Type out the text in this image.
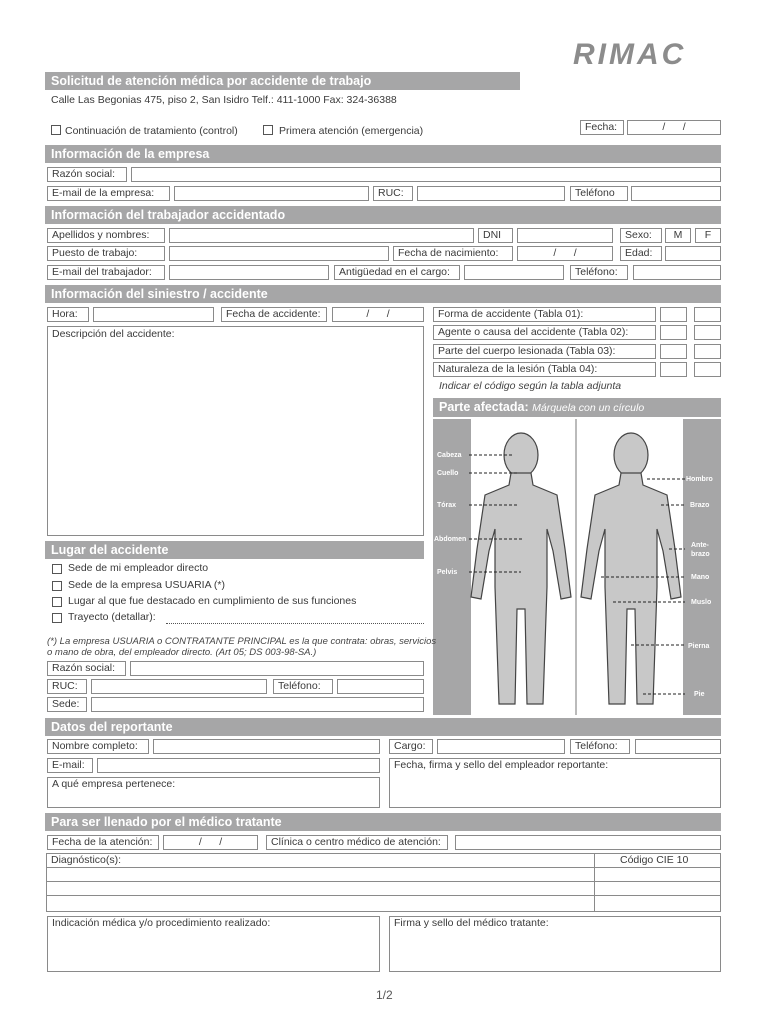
RIMAC
Solicitud de atención médica por accidente de trabajo
Calle Las Begonias 475, piso 2, San Isidro Telf.: 411-1000 Fax: 324-36388
Continuación de tratamiento (control)	Primera atención (emergencia)	Fecha:	/      /
Información de la empresa
Razón social:
E-mail de la empresa:	RUC:	Teléfono
Información del trabajador accidentado
Apellidos y nombres:	DNI	Sexo:	M	F
Puesto de trabajo:	Fecha de nacimiento:	/      /	Edad:
E-mail del trabajador:	Antigüedad en el cargo:	Teléfono:
Información del siniestro / accidente
Hora:	Fecha de accidente:	/      /
Descripción del accidente:
Forma de accidente (Tabla 01):
Agente o causa del accidente (Tabla 02):
Parte del cuerpo lesionada (Tabla 03):
Naturaleza de la lesión (Tabla 04):
Indicar el código según la tabla adjunta
Parte afectada: Márquela con un círculo
Cabeza
Cuello
Tórax
Abdomen
Pelvis
Hombro
Brazo
Ante-
brazo
Mano
Muslo
Pierna
Pie
Lugar del accidente
Sede de mi empleador directo
Sede de la empresa USUARIA (*)
Lugar al que fue destacado en cumplimiento de sus funciones
Trayecto (detallar):
(*) La empresa USUARIA o CONTRATANTE PRINCIPAL es la que contrata: obras, servicios
o mano de obra, del empleador directo. (Art 05; DS 003-98-SA.)
Razón social:
RUC:	Teléfono:
Sede:
Datos del reportante
Nombre completo:	Cargo:	Teléfono:
E-mail:	Fecha, firma y sello del empleador reportante:
A qué empresa pertenece:
Para ser llenado por el médico tratante
Fecha de la atención:	/      /	Clínica o centro médico de atención:
Diagnóstico(s):	Código CIE 10
Indicación médica y/o procedimiento realizado:	Firma y sello del médico tratante:
1/2
